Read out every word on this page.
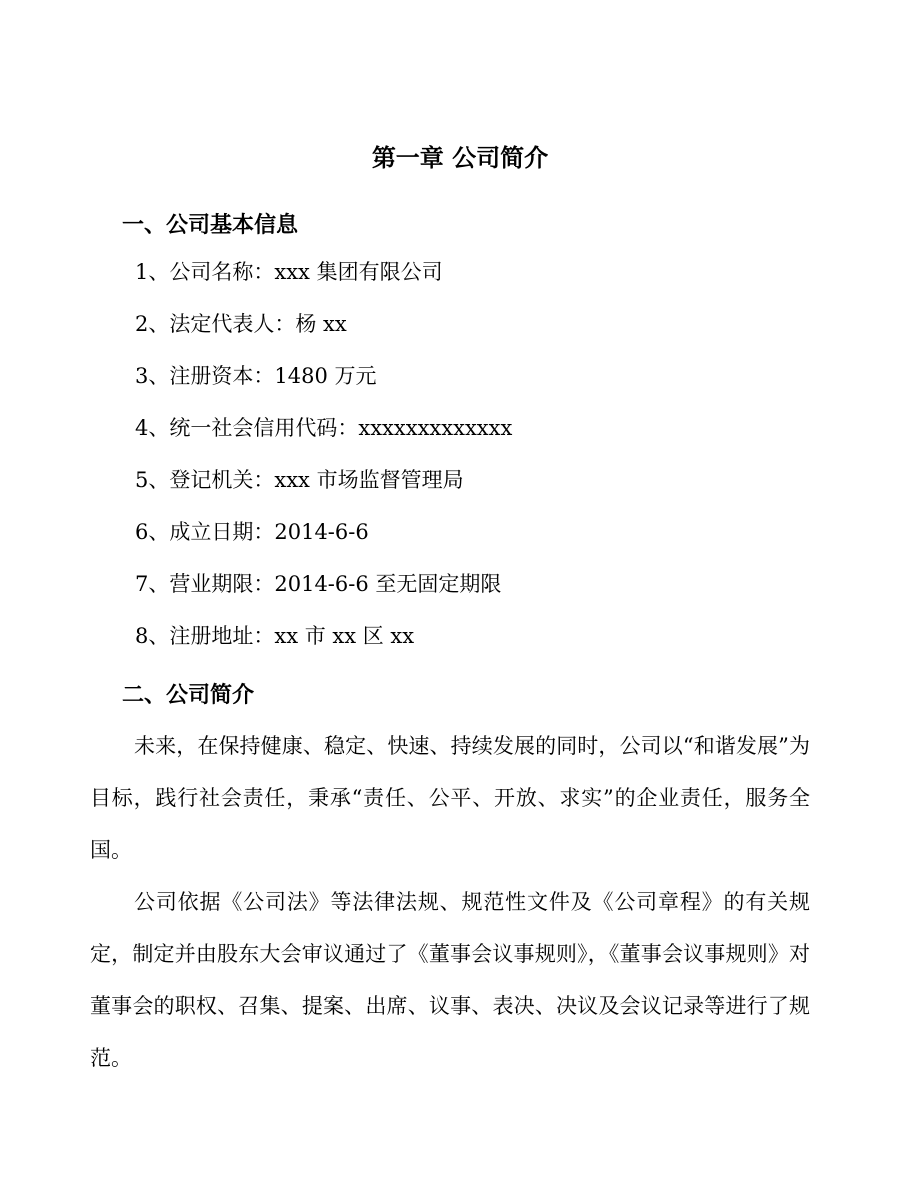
第一章 公司简介
一、公司基本信息
1、公司名称：xxx 集团有限公司
2、法定代表人：杨 xx
3、注册资本：1480 万元
4、统一社会信用代码：xxxxxxxxxxxxx
5、登记机关：xxx 市场监督管理局
6、成立日期：2014-6-6
7、营业期限：2014-6-6 至无固定期限
8、注册地址：xx 市 xx 区 xx
二、公司简介
未来，在保持健康、稳定、快速、持续发展的同时，公司以“和谐发展”为目标，践行社会责任，秉承“责任、公平、开放、求实”的企业责任，服务全国。
公司依据《公司法》等法律法规、规范性文件及《公司章程》的有关规定，制定并由股东大会审议通过了《董事会议事规则》，《董事会议事规则》对董事会的职权、召集、提案、出席、议事、表决、决议及会议记录等进行了规范。
